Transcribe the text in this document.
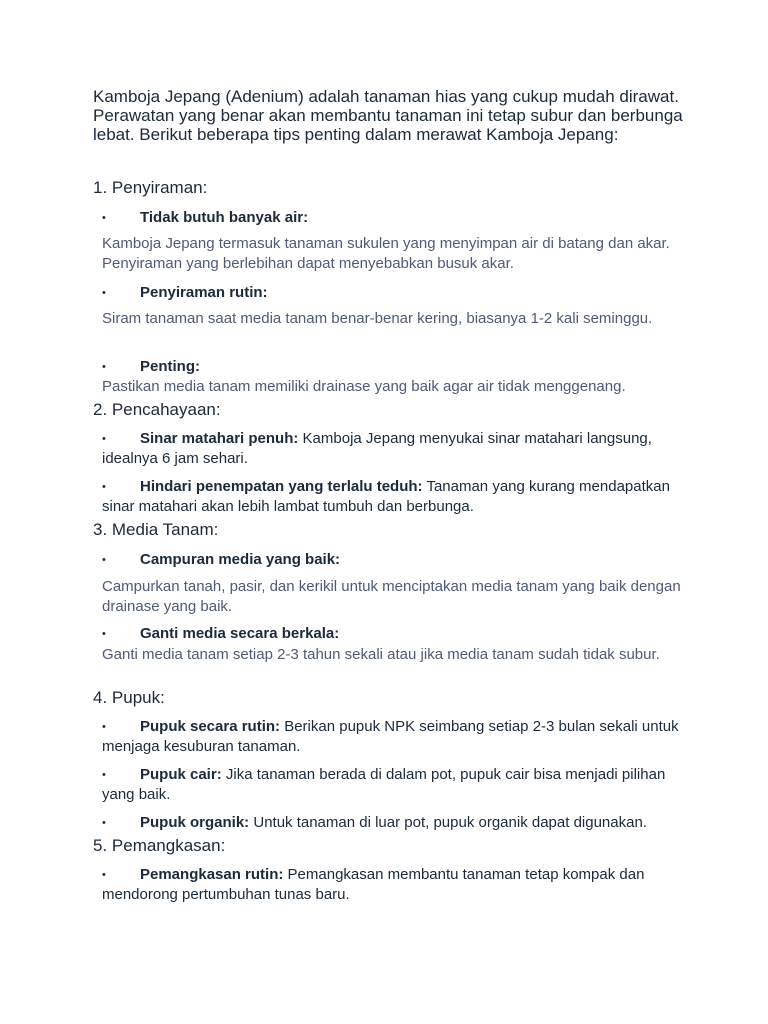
Kamboja Jepang (Adenium) adalah tanaman hias yang cukup mudah dirawat. Perawatan yang benar akan membantu tanaman ini tetap subur dan berbunga lebat. Berikut beberapa tips penting dalam merawat Kamboja Jepang:

1. Penyiraman:

• Tidak butuh banyak air:

Kamboja Jepang termasuk tanaman sukulen yang menyimpan air di batang dan akar. Penyiraman yang berlebihan dapat menyebabkan busuk akar.

• Penyiraman rutin:

Siram tanaman saat media tanam benar-benar kering, biasanya 1-2 kali seminggu.

• Penting:

Pastikan media tanam memiliki drainase yang baik agar air tidak menggenang.

2. Pencahayaan:

• Sinar matahari penuh: Kamboja Jepang menyukai sinar matahari langsung, idealnya 6 jam sehari.

• Hindari penempatan yang terlalu teduh: Tanaman yang kurang mendapatkan sinar matahari akan lebih lambat tumbuh dan berbunga.

3. Media Tanam:

• Campuran media yang baik:

Campurkan tanah, pasir, dan kerikil untuk menciptakan media tanam yang baik dengan drainase yang baik.

• Ganti media secara berkala:

Ganti media tanam setiap 2-3 tahun sekali atau jika media tanam sudah tidak subur.

4. Pupuk:

• Pupuk secara rutin: Berikan pupuk NPK seimbang setiap 2-3 bulan sekali untuk menjaga kesuburan tanaman.

• Pupuk cair: Jika tanaman berada di dalam pot, pupuk cair bisa menjadi pilihan yang baik.

• Pupuk organik: Untuk tanaman di luar pot, pupuk organik dapat digunakan.

5. Pemangkasan:

• Pemangkasan rutin: Pemangkasan membantu tanaman tetap kompak dan mendorong pertumbuhan tunas baru.
